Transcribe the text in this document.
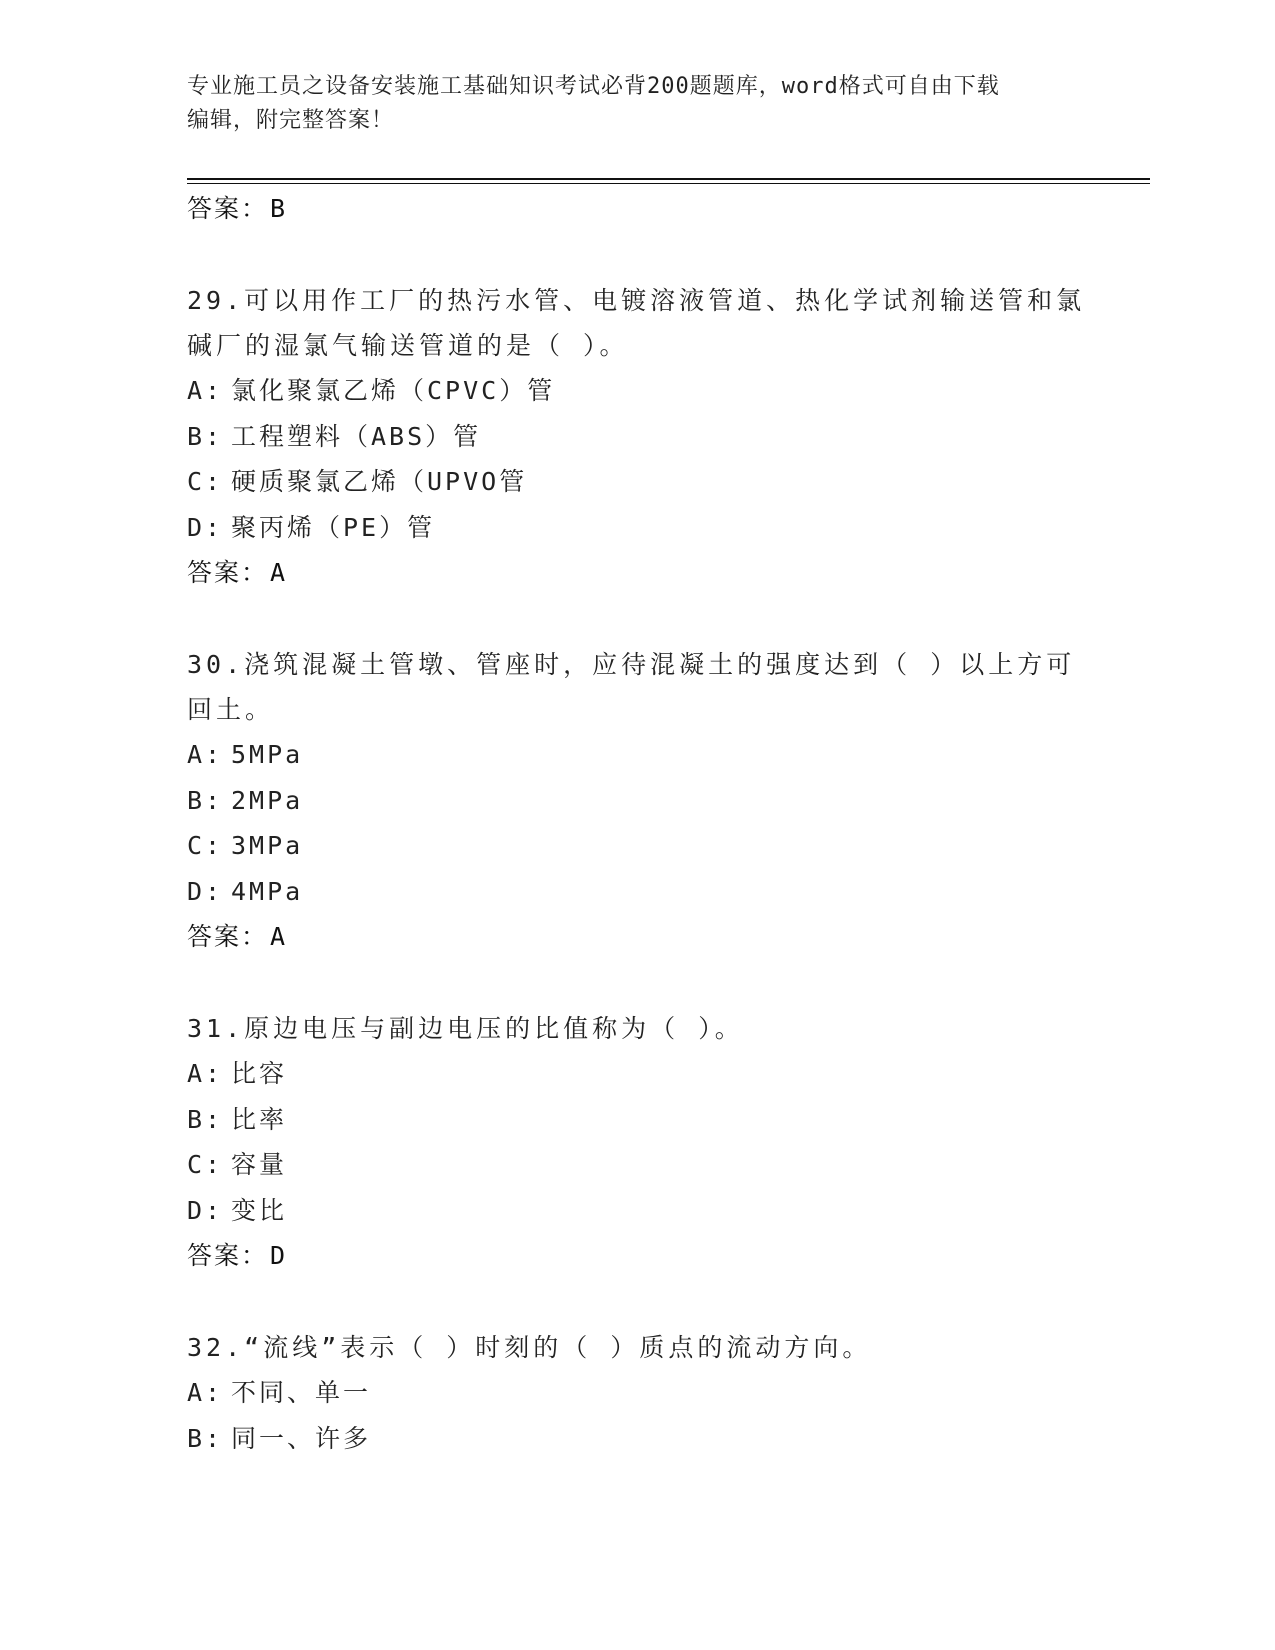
专业施工员之设备安装施工基础知识考试必背200题题库，word格式可自由下载
编辑，附完整答案！
答案：B
29.可以用作工厂的热污水管、电镀溶液管道、热化学试剂输送管和氯
碱厂的湿氯气输送管道的是（ ）。
A: 氯化聚氯乙烯（CPVC）管
B: 工程塑料（ABS）管
C: 硬质聚氯乙烯（UPVO管
D: 聚丙烯（PE）管
答案：A
30.浇筑混凝土管墩、管座时，应待混凝土的强度达到（ ）以上方可
回土。
A: 5MPa
B: 2MPa
C: 3MPa
D: 4MPa
答案：A
31.原边电压与副边电压的比值称为（ ）。
A: 比容
B: 比率
C: 容量
D: 变比
答案：D
32.“流线”表示（ ）时刻的（ ）质点的流动方向。
A: 不同、单一
B: 同一、许多
